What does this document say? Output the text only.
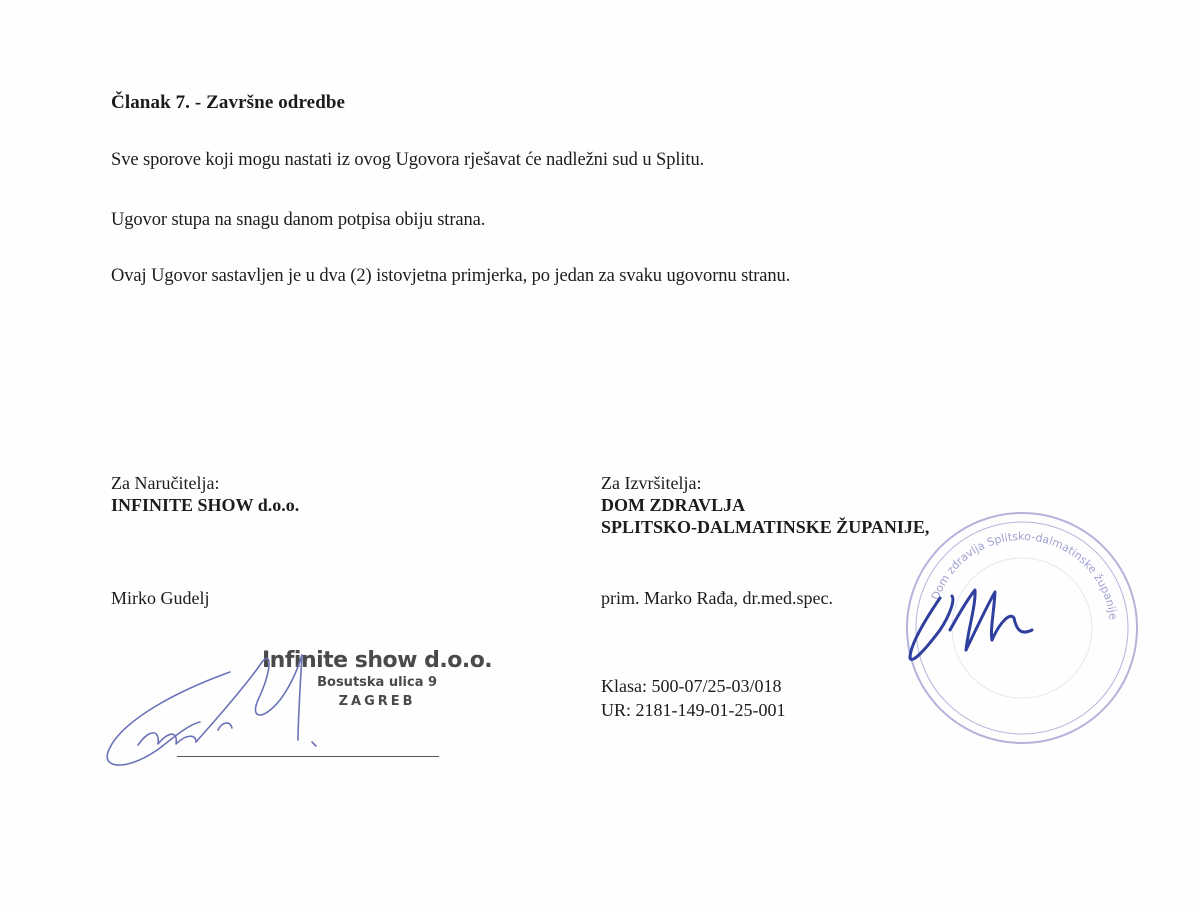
Članak 7. - Završne odredbe
Sve sporove koji mogu nastati iz ovog Ugovora rješavat će nadležni sud u Splitu.
Ugovor stupa na snagu danom potpisa obiju strana.
Ovaj Ugovor sastavljen je u dva (2) istovjetna primjerka, po jedan za svaku ugovornu stranu.
Za Naručitelja:
INFINITE SHOW d.o.o.
Mirko Gudelj
Infinite show d.o.o.
Bosutska ulica 9
ZAGREB
Za Izvršitelja:
DOM ZDRAVLJA
SPLITSKO-DALMATINSKE ŽUPANIJE,
prim. Marko Rađa, dr.med.spec.
Klasa: 500-07/25-03/018
UR: 2181-149-01-25-001
Dom zdravlja Splitsko-dalmatinske županije
